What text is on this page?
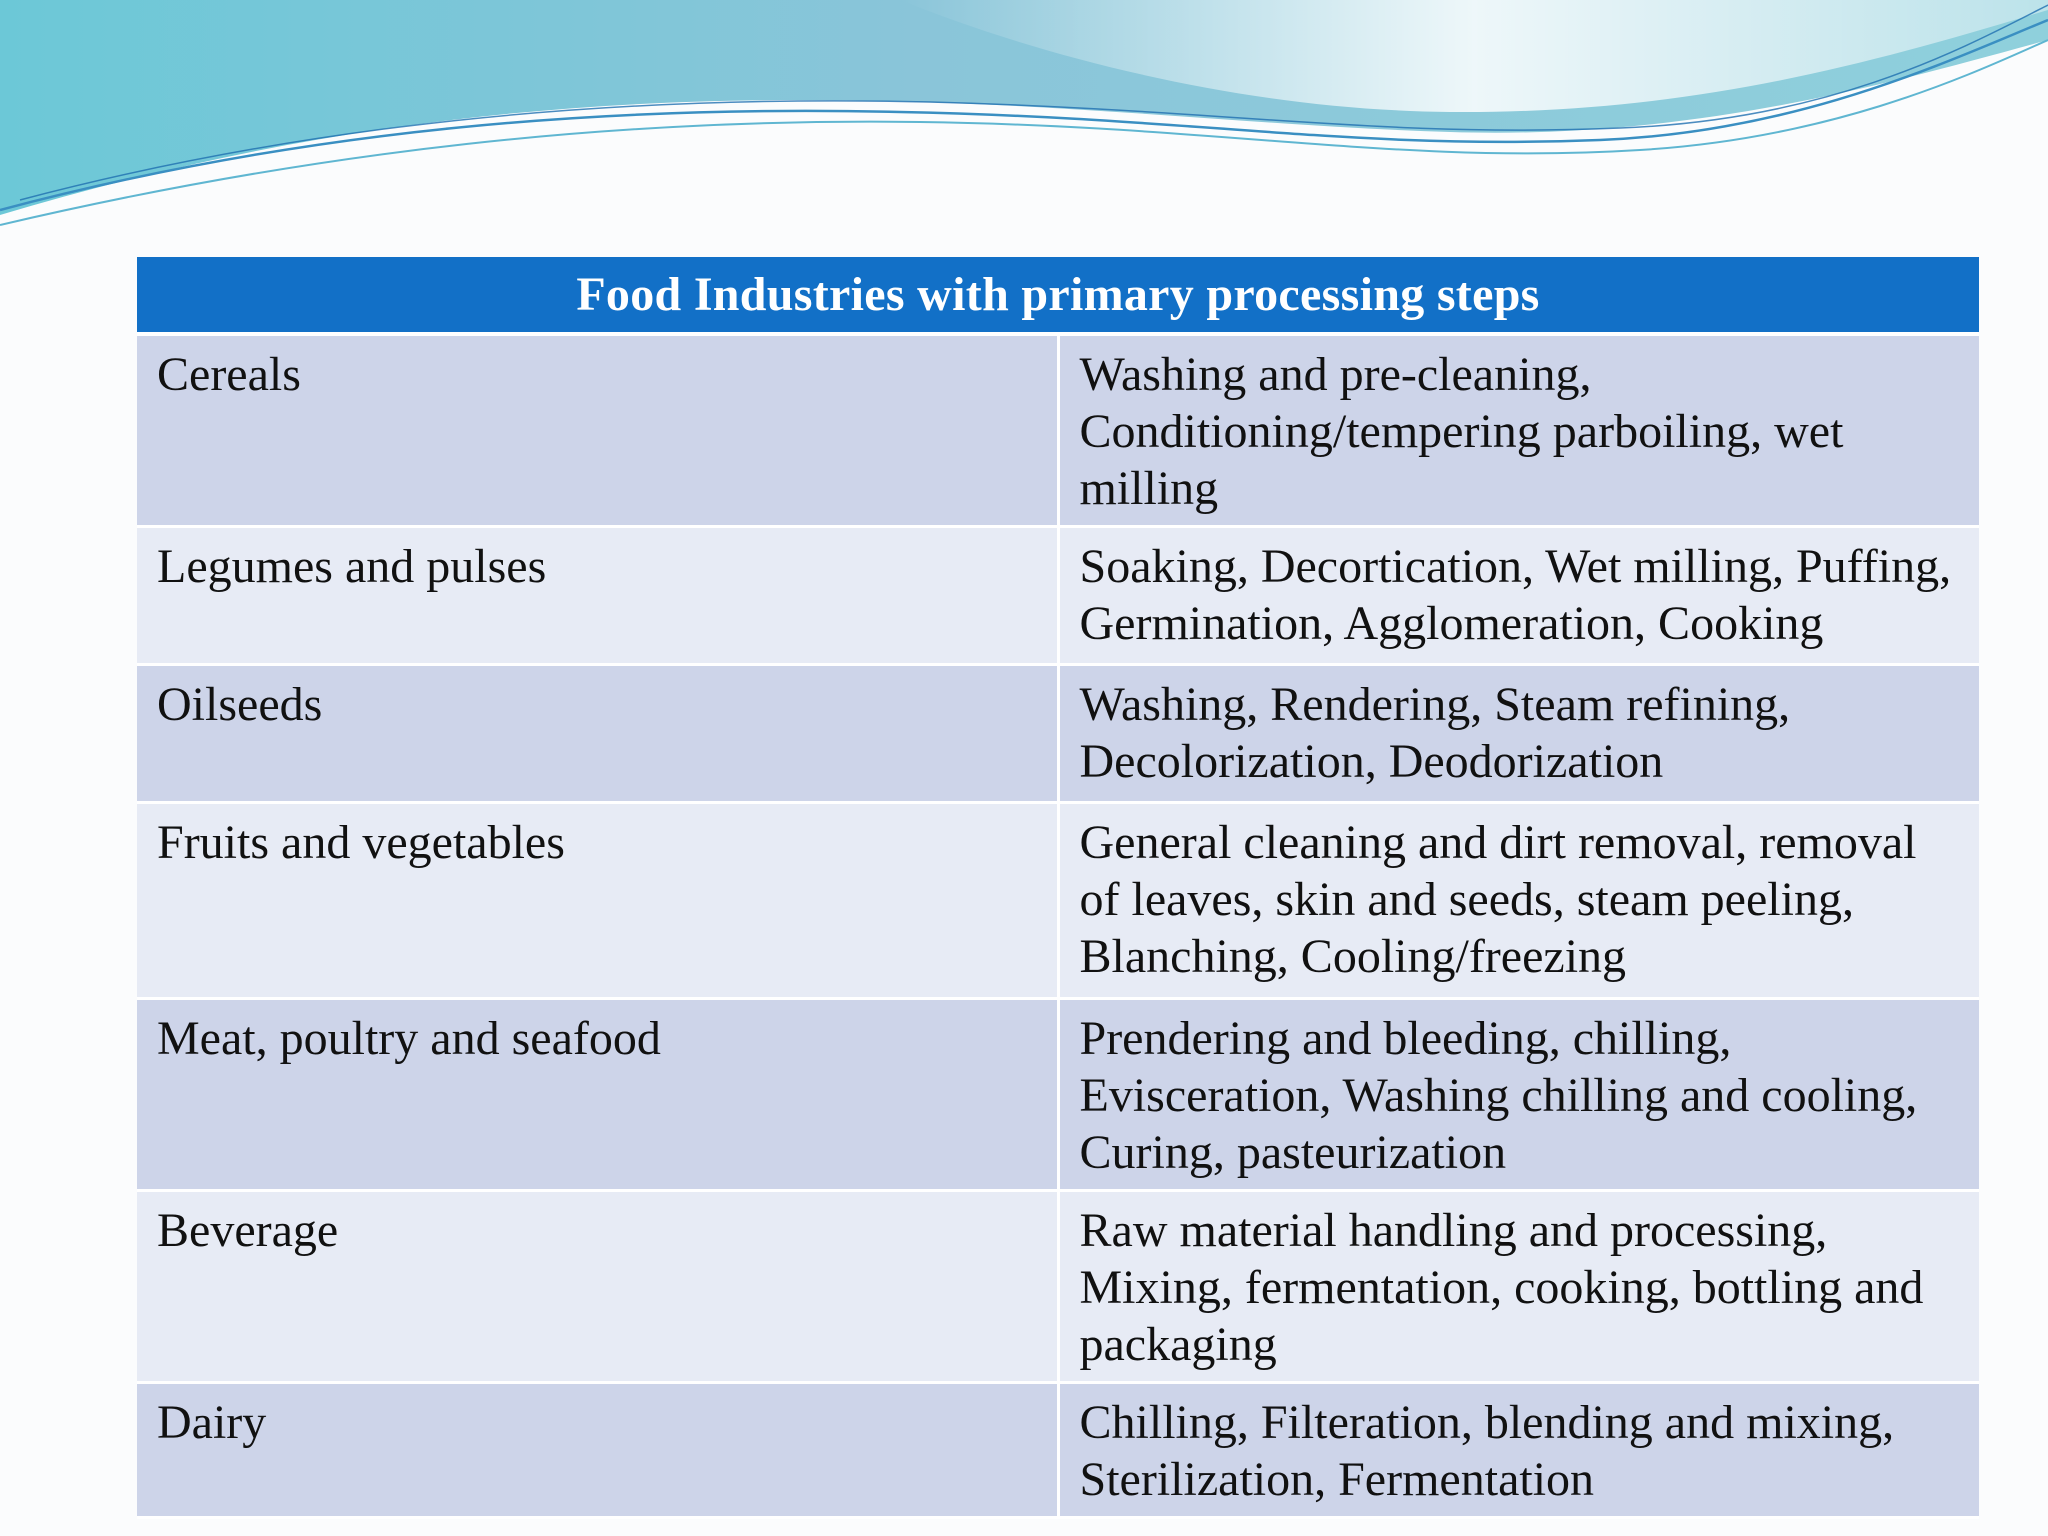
Food Industries with primary processing steps	
Cereals	Washing and pre-cleaning, Conditioning/tempering parboiling, wet milling
Legumes and pulses	Soaking, Decortication, Wet milling, Puffing, Germination, Agglomeration, Cooking
Oilseeds	Washing, Rendering, Steam refining, Decolorization, Deodorization
Fruits and vegetables	General cleaning and dirt removal, removal of leaves, skin and seeds, steam peeling, Blanching, Cooling/freezing
Meat, poultry and seafood	Prendering and bleeding, chilling, Evisceration, Washing chilling and cooling, Curing, pasteurization
Beverage	Raw material handling and processing, Mixing, fermentation, cooking, bottling and packaging
Dairy	Chilling, Filteration, blending and mixing, Sterilization, Fermentation
